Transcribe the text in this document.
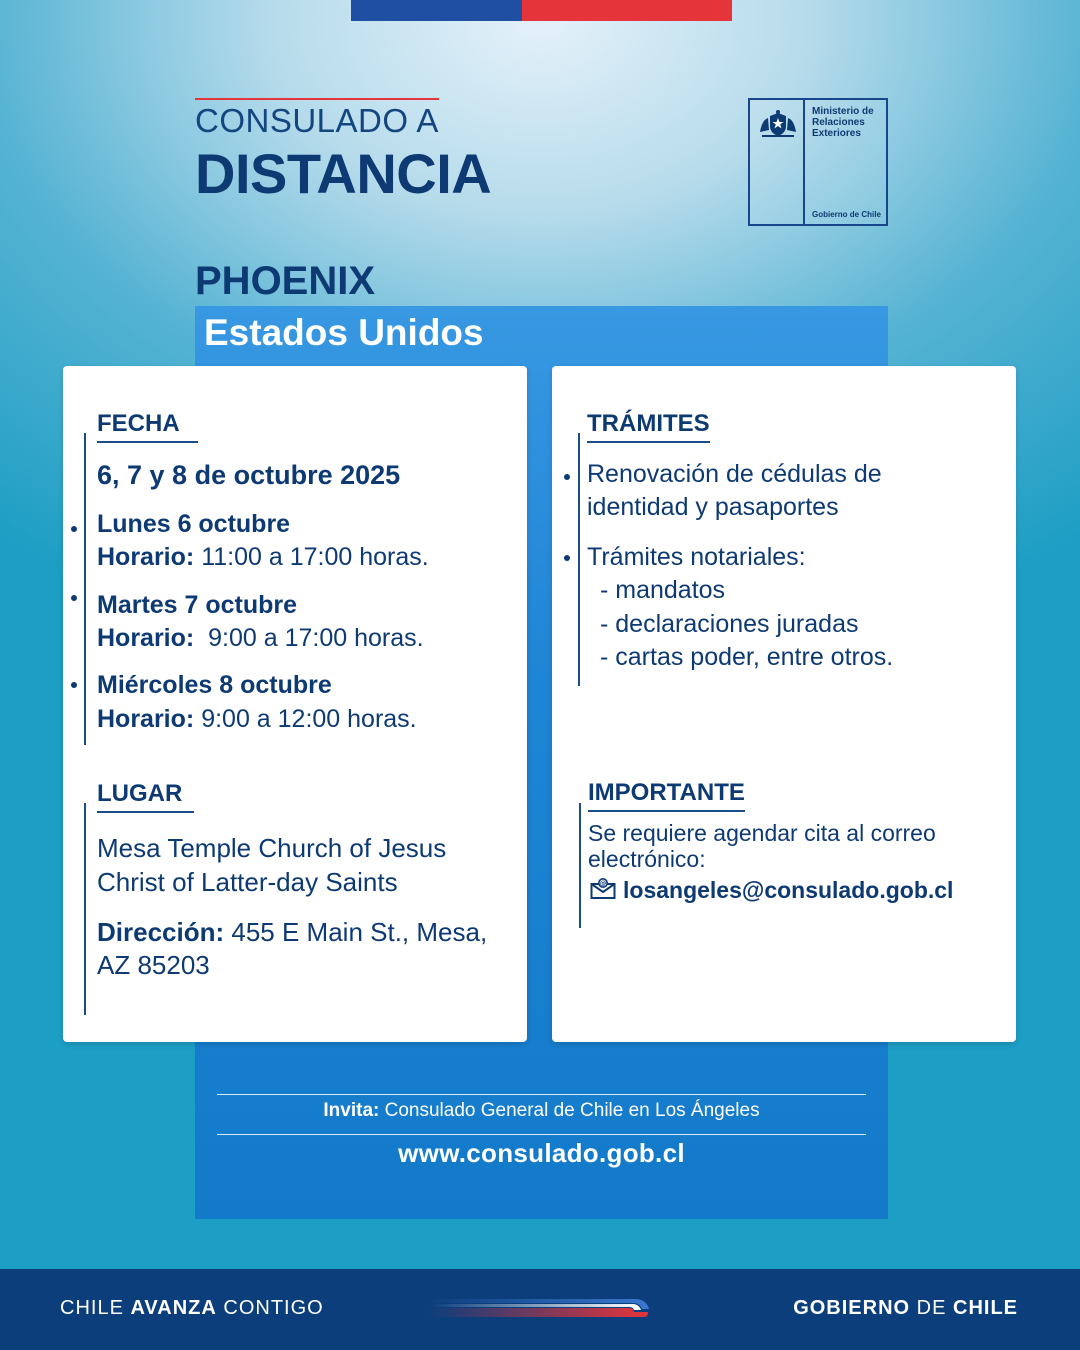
CONSULADO A
DISTANCIA
Ministerio de Relaciones Exteriores
Gobierno de Chile
PHOENIX
Estados Unidos
FECHA
6, 7 y 8 de octubre 2025
Lunes 6 octubre
Horario: 11:00 a 17:00 horas.
Martes 7 octubre
Horario: 9:00 a 17:00 horas.
Miércoles 8 octubre
Horario: 9:00 a 12:00 horas.
LUGAR
Mesa Temple Church of Jesus
Christ of Latter-day Saints
Dirección: 455 E Main St., Mesa,
AZ 85203
TRÁMITES
Renovación de cédulas de
identidad y pasaportes
Trámites notariales:
- mandatos
- declaraciones juradas
- cartas poder, entre otros.
IMPORTANTE
Se requiere agendar cita al correo
electrónico:
@ losangeles@consulado.gob.cl
Invita: Consulado General de Chile en Los Ángeles
www.consulado.gob.cl
CHILE AVANZA CONTIGO	GOBIERNO DE CHILE
